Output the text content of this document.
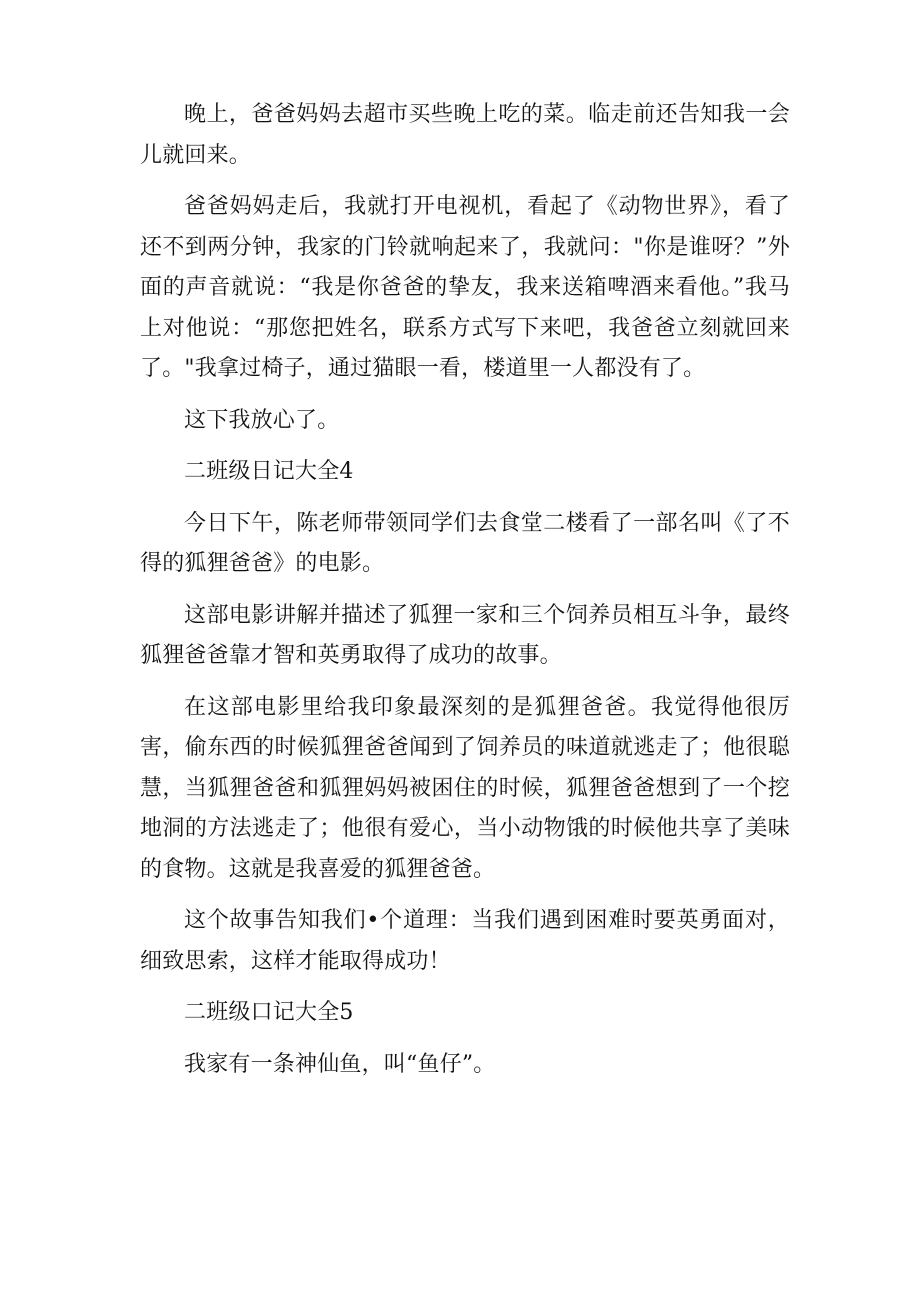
晚上，爸爸妈妈去超市买些晚上吃的菜。临走前还告知我一会儿就回来。

爸爸妈妈走后，我就打开电视机，看起了《动物世界》，看了还不到两分钟，我家的门铃就响起来了，我就问："你是谁呀？”外面的声音就说：“我是你爸爸的挚友，我来送箱啤酒来看他。”我马上对他说：“那您把姓名，联系方式写下来吧，我爸爸立刻就回来了。"我拿过椅子，通过猫眼一看，楼道里一人都没有了。

这下我放心了。

二班级日记大全4

今日下午，陈老师带领同学们去食堂二楼看了一部名叫《了不得的狐狸爸爸》的电影。

这部电影讲解并描述了狐狸一家和三个饲养员相互斗争，最终狐狸爸爸靠才智和英勇取得了成功的故事。

在这部电影里给我印象最深刻的是狐狸爸爸。我觉得他很厉害，偷东西的时候狐狸爸爸闻到了饲养员的味道就逃走了；他很聪慧，当狐狸爸爸和狐狸妈妈被困住的时候，狐狸爸爸想到了一个挖地洞的方法逃走了；他很有爱心，当小动物饿的时候他共享了美味的食物。这就是我喜爱的狐狸爸爸。

这个故事告知我们•个道理：当我们遇到困难时要英勇面对，细致思索，这样才能取得成功！

二班级口记大全5

我家有一条神仙鱼，叫“鱼仔”。
